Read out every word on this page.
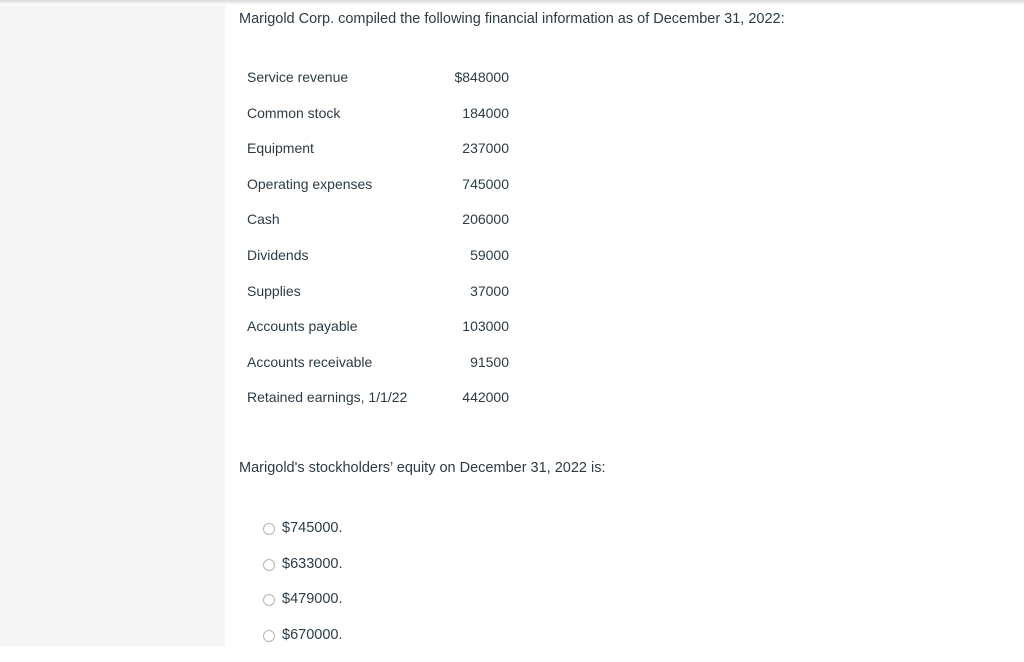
Marigold Corp. compiled the following financial information as of December 31, 2022:
Service revenue	$848000
Common stock	184000
Equipment	237000
Operating expenses	745000
Cash	206000
Dividends	59000
Supplies	37000
Accounts payable	103000
Accounts receivable	91500
Retained earnings, 1/1/22	442000
Marigold's stockholders’ equity on December 31, 2022 is:
$745000.
$633000.
$479000.
$670000.
